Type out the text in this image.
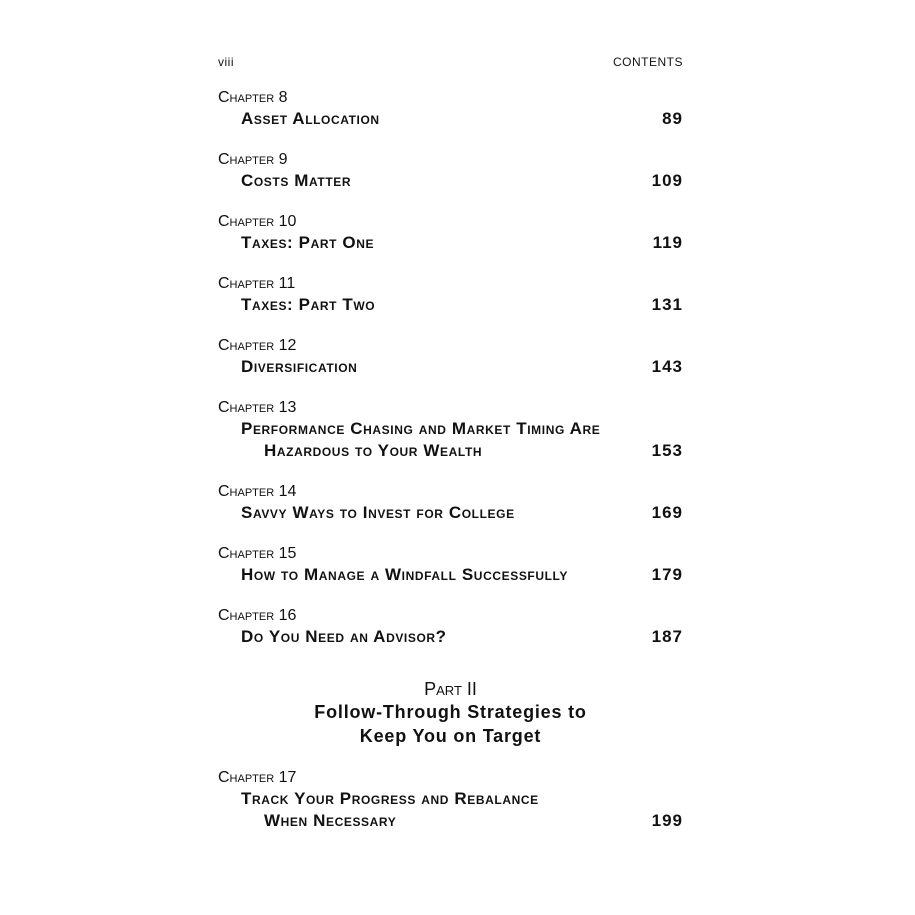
viii	CONTENTS
Chapter 8
Asset Allocation	89
Chapter 9
Costs Matter	109
Chapter 10
Taxes: Part One	119
Chapter 11
Taxes: Part Two	131
Chapter 12
Diversification	143
Chapter 13
Performance Chasing and Market Timing Are
Hazardous to Your Wealth	153
Chapter 14
Savvy Ways to Invest for College	169
Chapter 15
How to Manage a Windfall Successfully	179
Chapter 16
Do You Need an Advisor?	187
Part II
Follow-Through Strategies to
Keep You on Target
Chapter 17
Track Your Progress and Rebalance
When Necessary	199
